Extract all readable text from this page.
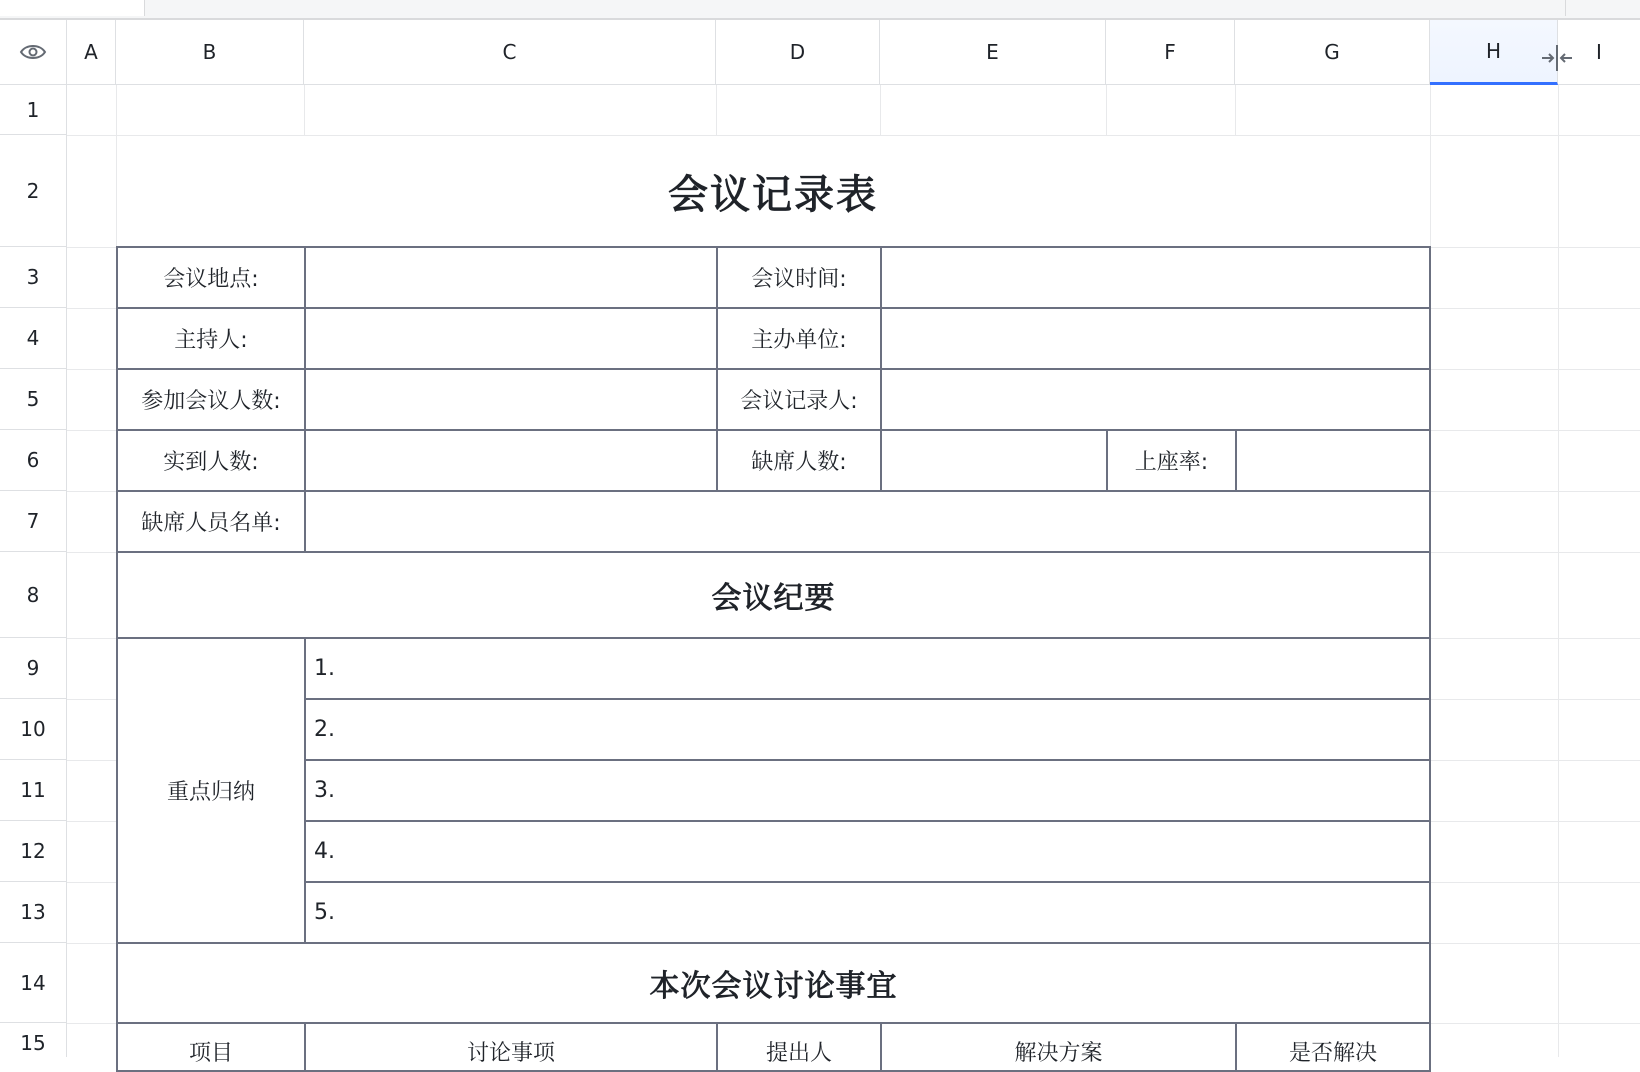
A	B	C	D	E	F	G	H	I
1
2
3
4
5
6
7
8
9
10
11
12
13
14
15
会议记录表
会议地点:	会议时间:
主持人:	主办单位:
参加会议人数:	会议记录人:
实到人数:	缺席人数:	上座率:
缺席人员名单:
会议纪要
重点归纳
1.
2.
3.
4.
5.
本次会议讨论事宜
项目	讨论事项	提出人	解决方案	是否解决
